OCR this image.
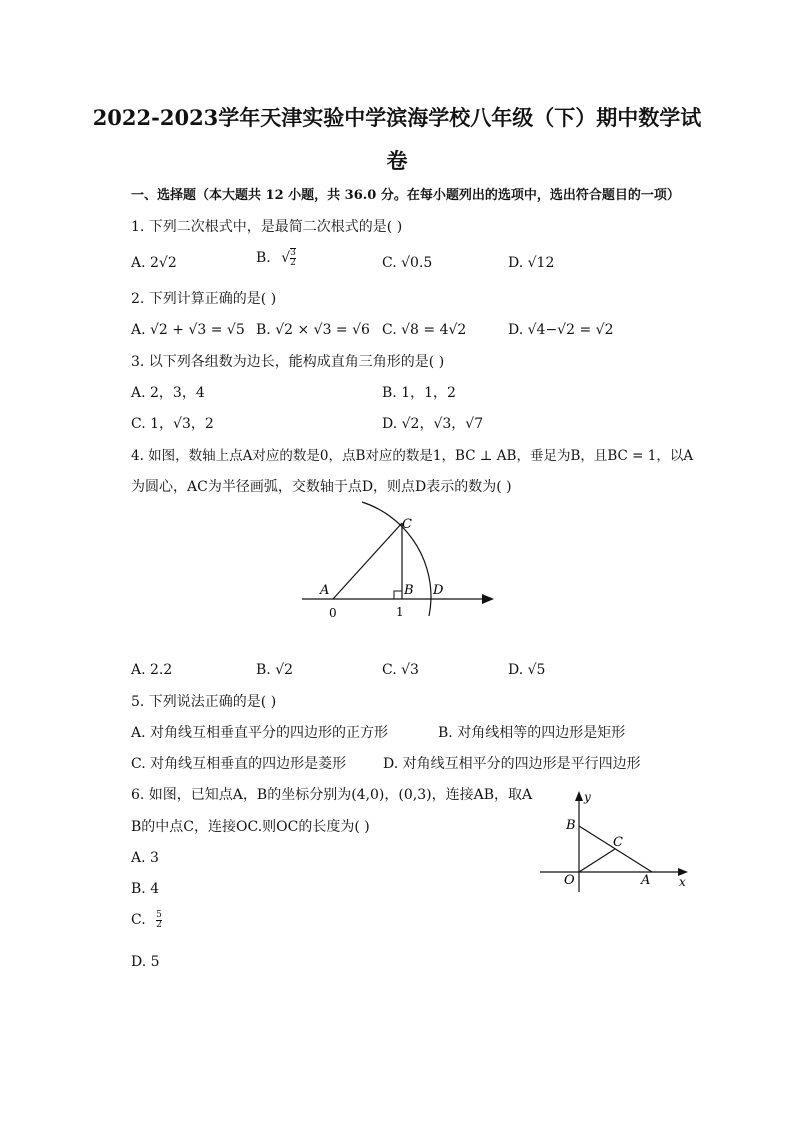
2022-2023学年天津实验中学滨海学校八年级（下）期中数学试
卷
一、选择题（本大题共 12 小题，共 36.0 分。在每小题列出的选项中，选出符合题目的一项）
1. 下列二次根式中，是最简二次根式的是( )
A. 2√2	B. √ $\frac{3}{2}$	C. √0.5	D. √12
2. 下列计算正确的是( )
A. √2 + √3 = √5 B. √2 × √3 = √6 C. √8 = 4√2	D. √4−√2 = √2
3. 以下列各组数为边长，能构成直角三角形的是( )
A. 2，3，4	B. 1，1，2
C. 1，√3，2	D. √2，√3，√7
4. 如图，数轴上点A对应的数是0，点B对应的数是1，BC ⊥ AB，垂足为B，且BC = 1，以A
为圆心，AC为半径画弧，交数轴于点D，则点D表示的数为( )
A	B
C
D
0	1
A. 2.2	B. √2	C. √3	D. √5
5. 下列说法正确的是( )
A. 对角线互相垂直平分的四边形的正方形	B. 对角线相等的四边形是矩形
C. 对角线互相垂直的四边形是菱形	D. 对角线互相平分的四边形是平行四边形
6. 如图，已知点A，B的坐标分别为(4,0)，(0,3)，连接AB，取A
B的中点C，连接OC.则OC的长度为( )
y
x
O	A
B
C
A. 3
B. 4
C. $\frac{5}{2}$
D. 5
